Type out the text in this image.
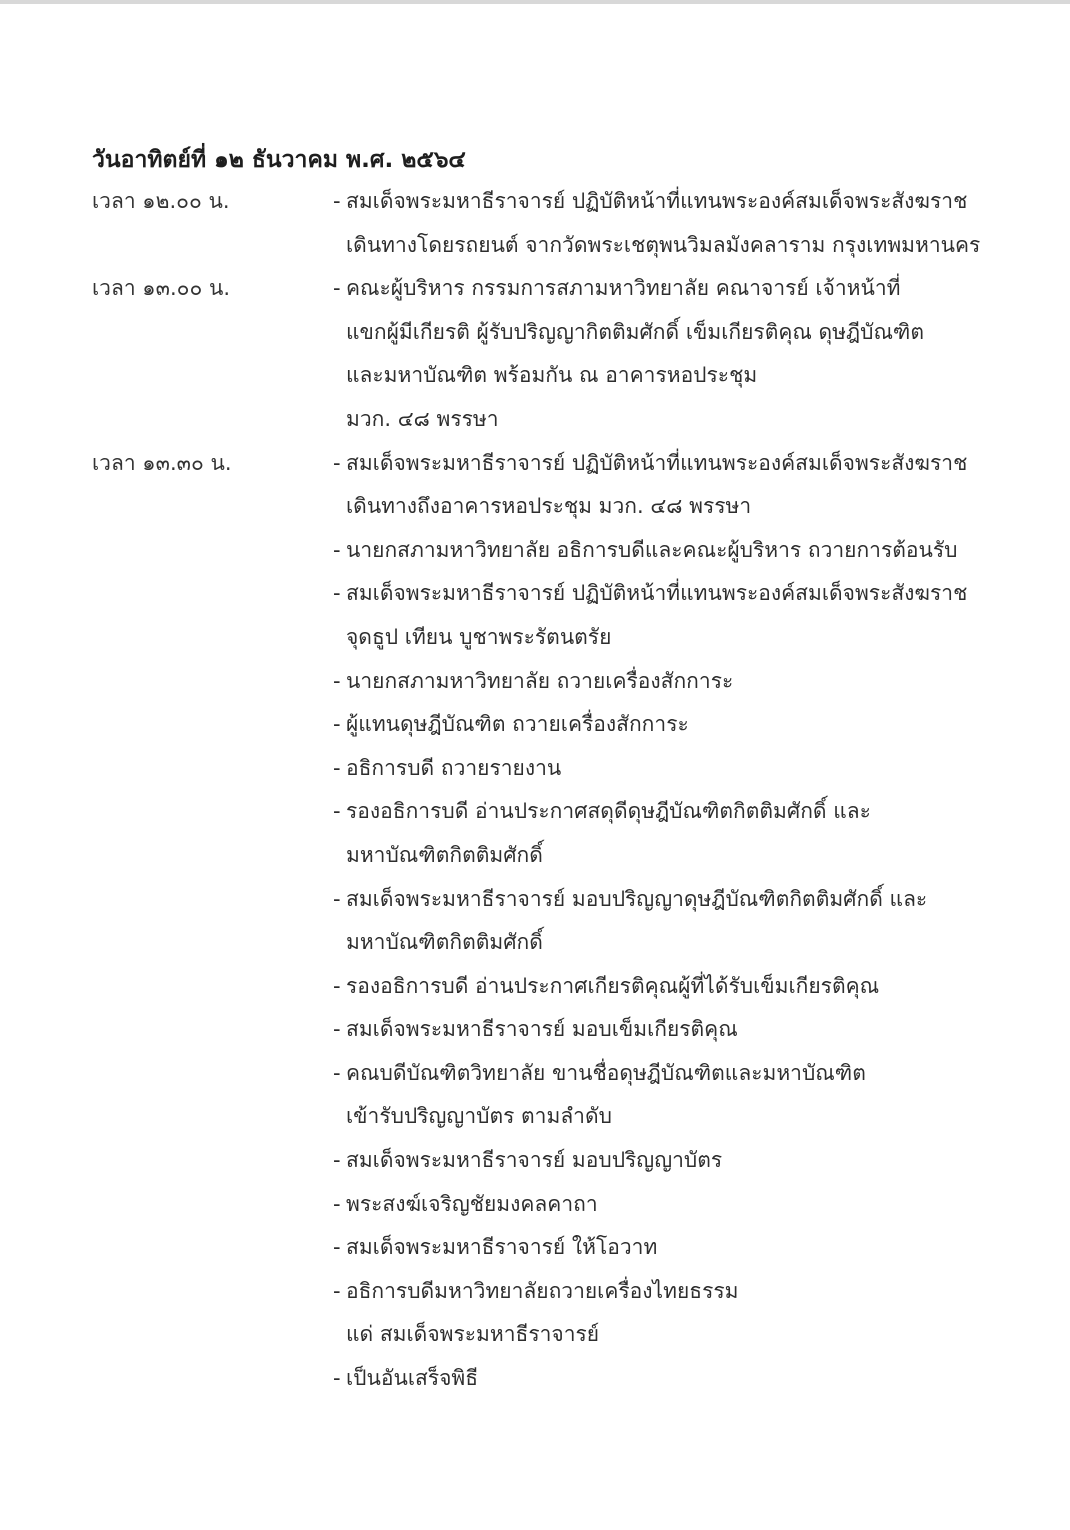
วันอาทิตย์ที่ ๑๒ ธันวาคม พ.ศ. ๒๕๖๔
เวลา ๑๒.๐๐ น.	- สมเด็จพระมหาธีราจารย์ ปฏิบัติหน้าที่แทนพระองค์สมเด็จพระสังฆราช
เดินทางโดยรถยนต์ จากวัดพระเชตุพนวิมลมังคลาราม กรุงเทพมหานคร
เวลา ๑๓.๐๐ น.	- คณะผู้บริหาร กรรมการสภามหาวิทยาลัย คณาจารย์ เจ้าหน้าที่
แขกผู้มีเกียรติ ผู้รับปริญญากิตติมศักดิ์ เข็มเกียรติคุณ ดุษฎีบัณฑิต
และมหาบัณฑิต พร้อมกัน ณ อาคารหอประชุม
มวก. ๔๘ พรรษา
เวลา ๑๓.๓๐ น.	- สมเด็จพระมหาธีราจารย์ ปฏิบัติหน้าที่แทนพระองค์สมเด็จพระสังฆราช
เดินทางถึงอาคารหอประชุม มวก. ๔๘ พรรษา
- นายกสภามหาวิทยาลัย อธิการบดีและคณะผู้บริหาร ถวายการต้อนรับ
- สมเด็จพระมหาธีราจารย์ ปฏิบัติหน้าที่แทนพระองค์สมเด็จพระสังฆราช
จุดธูป เทียน บูชาพระรัตนตรัย
- นายกสภามหาวิทยาลัย ถวายเครื่องสักการะ
- ผู้แทนดุษฎีบัณฑิต ถวายเครื่องสักการะ
- อธิการบดี ถวายรายงาน
- รองอธิการบดี อ่านประกาศสดุดีดุษฎีบัณฑิตกิตติมศักดิ์ และ
มหาบัณฑิตกิตติมศักดิ์
- สมเด็จพระมหาธีราจารย์ มอบปริญญาดุษฎีบัณฑิตกิตติมศักดิ์ และ
มหาบัณฑิตกิตติมศักดิ์
- รองอธิการบดี อ่านประกาศเกียรติคุณผู้ที่ได้รับเข็มเกียรติคุณ
- สมเด็จพระมหาธีราจารย์ มอบเข็มเกียรติคุณ
- คณบดีบัณฑิตวิทยาลัย ขานชื่อดุษฎีบัณฑิตและมหาบัณฑิต
เข้ารับปริญญาบัตร ตามลำดับ
- สมเด็จพระมหาธีราจารย์ มอบปริญญาบัตร
- พระสงฆ์เจริญชัยมงคลคาถา
- สมเด็จพระมหาธีราจารย์ ให้โอวาท
- อธิการบดีมหาวิทยาลัยถวายเครื่องไทยธรรม
แด่ สมเด็จพระมหาธีราจารย์
- เป็นอันเสร็จพิธี
